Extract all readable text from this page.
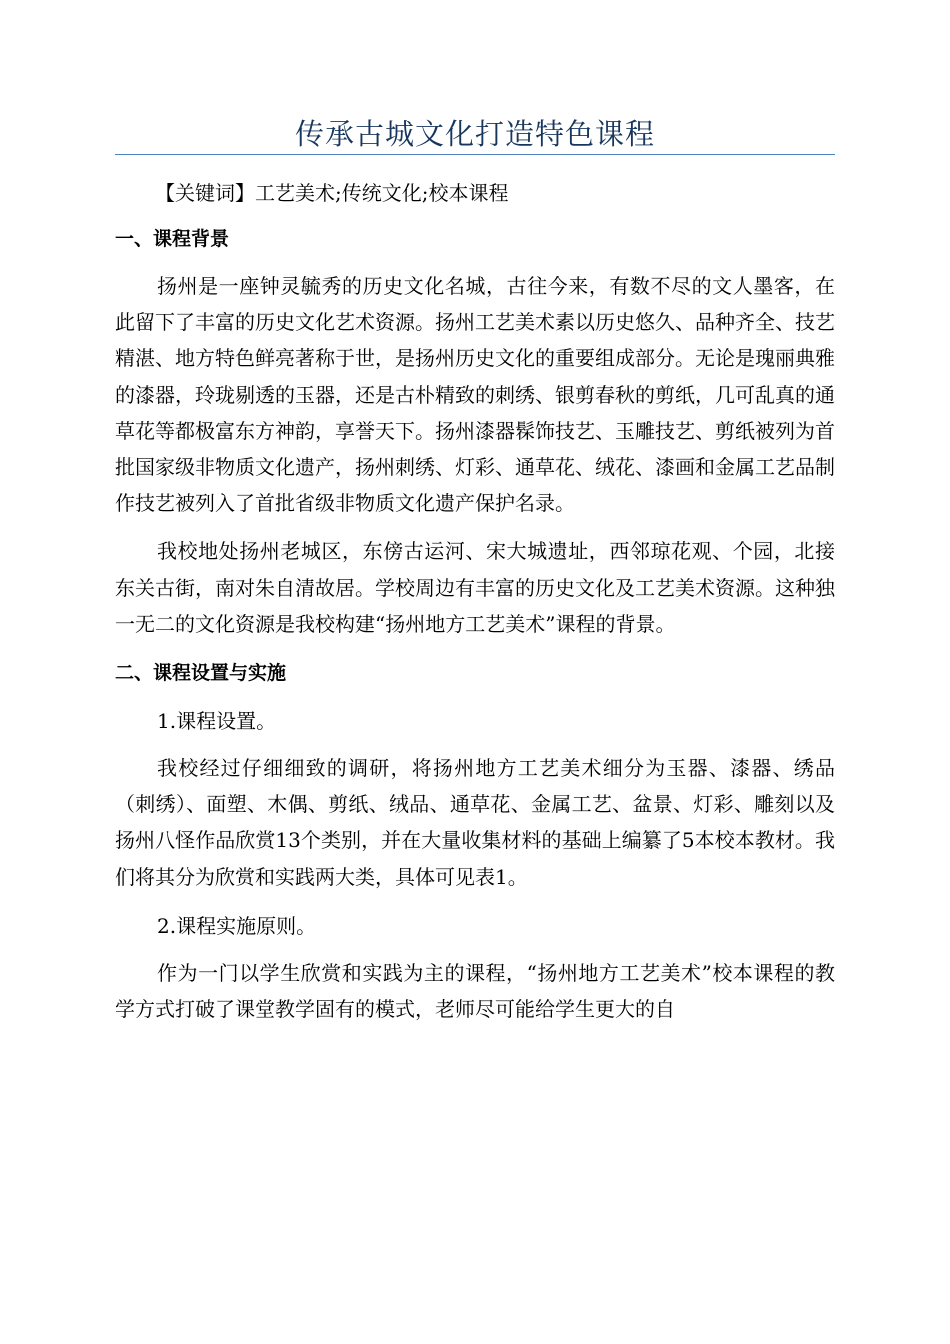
传承古城文化打造特色课程

【关键词】工艺美术;传统文化;校本课程

一、课程背景

扬州是一座钟灵毓秀的历史文化名城，古往今来，有数不尽的文人墨客，在此留下了丰富的历史文化艺术资源。扬州工艺美术素以历史悠久、品种齐全、技艺精湛、地方特色鲜亮著称于世，是扬州历史文化的重要组成部分。无论是瑰丽典雅的漆器，玲珑剔透的玉器，还是古朴精致的刺绣、银剪春秋的剪纸，几可乱真的通草花等都极富东方神韵，享誉天下。扬州漆器髹饰技艺、玉雕技艺、剪纸被列为首批国家级非物质文化遗产，扬州刺绣、灯彩、通草花、绒花、漆画和金属工艺品制作技艺被列入了首批省级非物质文化遗产保护名录。

我校地处扬州老城区，东傍古运河、宋大城遗址，西邻琼花观、个园，北接东关古街，南对朱自清故居。学校周边有丰富的历史文化及工艺美术资源。这种独一无二的文化资源是我校构建“扬州地方工艺美术”课程的背景。

二、课程设置与实施

1.课程设置。

我校经过仔细细致的调研，将扬州地方工艺美术细分为玉器、漆器、绣品（刺绣）、面塑、木偶、剪纸、绒品、通草花、金属工艺、盆景、灯彩、雕刻以及扬州八怪作品欣赏13个类别，并在大量收集材料的基础上编纂了5本校本教材。我们将其分为欣赏和实践两大类，具体可见表1。

2.课程实施原则。

作为一门以学生欣赏和实践为主的课程，“扬州地方工艺美术”校本课程的教学方式打破了课堂教学固有的模式，老师尽可能给学生更大的自
